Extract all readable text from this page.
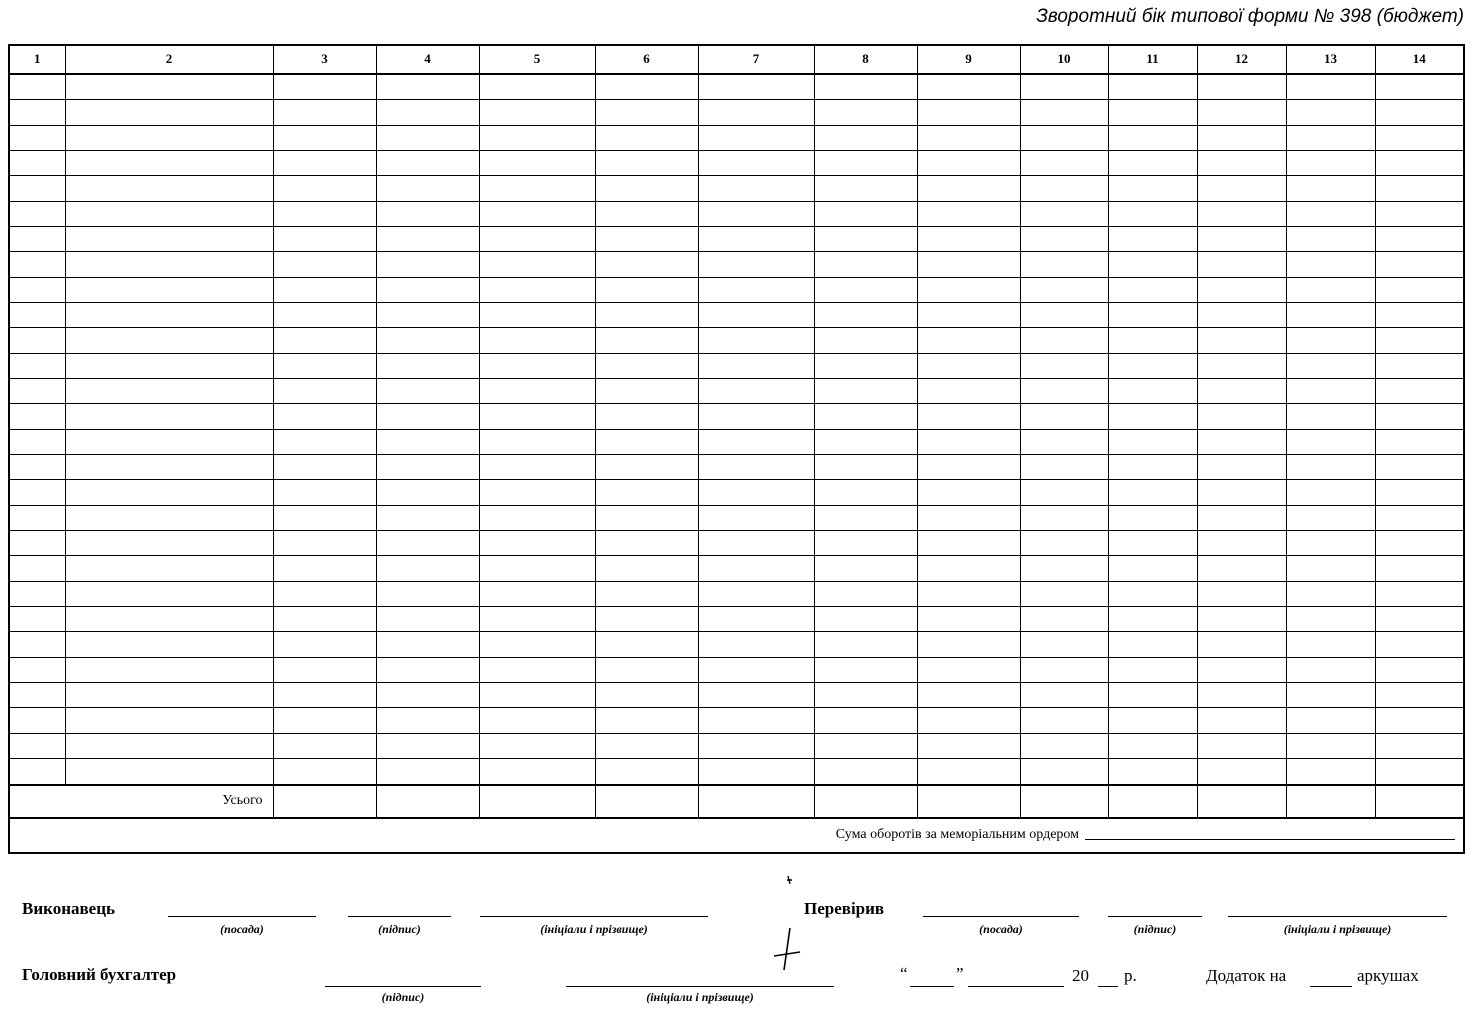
Зворотний бік типової форми № 398 (бюджет)
1	2	3	4	5	6	7	8	9	10	11	12	13	14

Усього													
Сума оборотів за меморіальним ордером													
Виконавець
(посада)	(підпис)	(ініціали і прізвище)
Перевірив
(посада)	(підпис)	(ініціали і прізвище)
Головний бухгалтер
(підпис)	(ініціали і прізвище)
“	”	20 р.	Додаток на	аркушах
